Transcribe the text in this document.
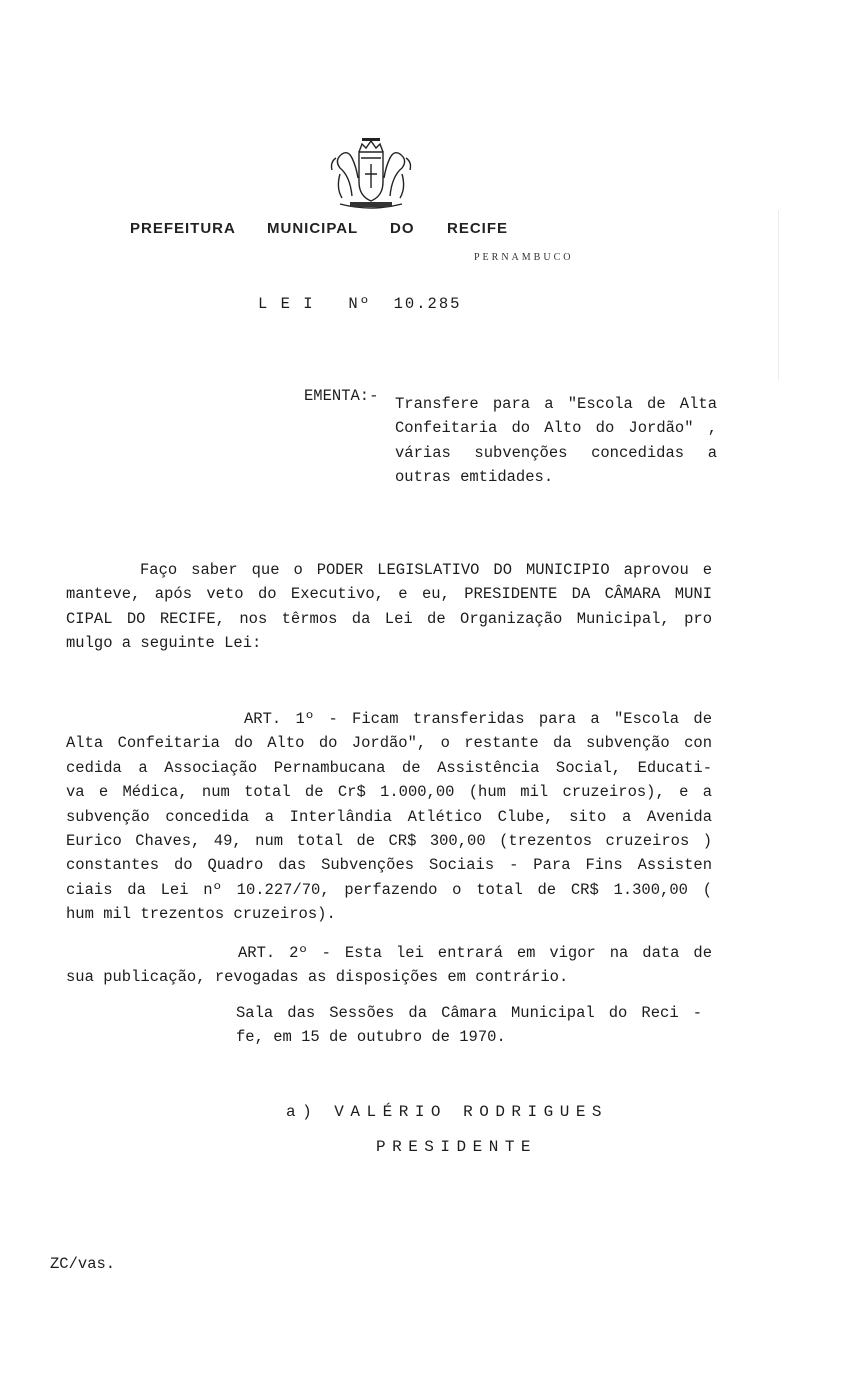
PREFEITURA MUNICIPAL DO RECIFE
PERNAMBUCO
L E I   Nº  10.285
EMENTA:- Transfere para a "Escola de Alta
Confeitaria do Alto do Jordão" ,
várias subvenções concedidas a
outras emtidades.
Faço saber que o PODER LEGISLATIVO DO MUNICIPIO aprovou e
manteve, após veto do Executivo, e eu, PRESIDENTE DA CÂMARA MUNI
CIPAL DO RECIFE, nos têrmos da Lei de Organização Municipal, pro
mulgo a seguinte Lei:
ART. 1º - Ficam transferidas para a "Escola de
Alta Confeitaria do Alto do Jordão", o restante da subvenção con
cedida a Associação Pernambucana de Assistência Social, Educati-
va e Médica, num total de Cr$ 1.000,00 (hum mil cruzeiros), e a
subvenção concedida a Interlândia Atlético Clube, sito a Avenida
Eurico Chaves, 49, num total de CR$ 300,00 (trezentos cruzeiros )
constantes do Quadro das Subvenções Sociais - Para Fins Assisten
ciais da Lei nº 10.227/70, perfazendo o total de CR$ 1.300,00 (
hum mil trezentos cruzeiros).
ART. 2º - Esta lei entrará em vigor na data de
sua publicação, revogadas as disposições em contrário.
Sala das Sessões da Câmara Municipal do Reci -
fe, em 15 de outubro de 1970.
a) VALÉRIO RODRIGUES
PRESIDENTE
ZC/vas.
